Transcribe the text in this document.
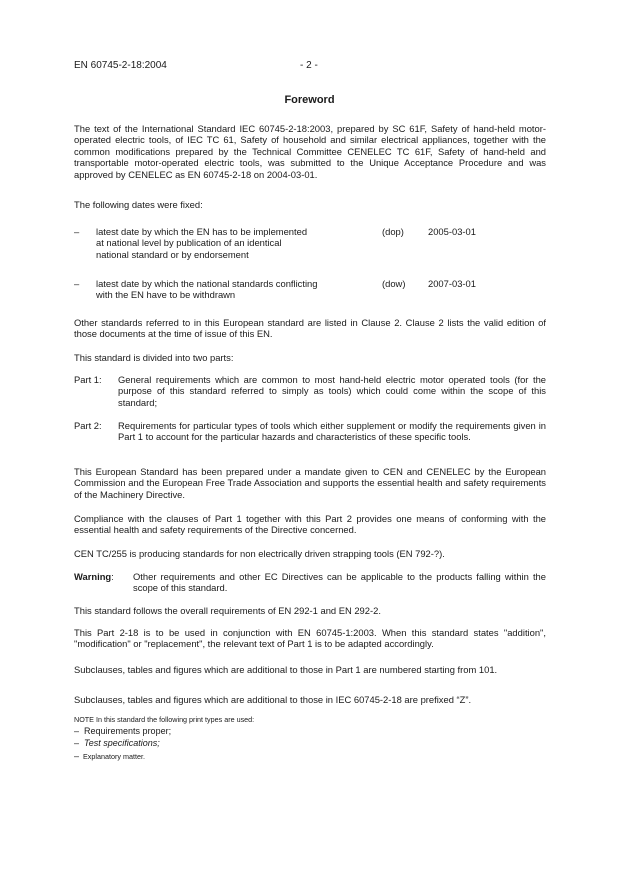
EN 60745-2-18:2004	- 2 -
Foreword
The text of the International Standard IEC 60745-2-18:2003, prepared by SC 61F, Safety of hand-held motor-operated electric tools, of IEC TC 61, Safety of household and similar electrical appliances, together with the common modifications prepared by the Technical Committee CENELEC TC 61F, Safety of hand-held and transportable motor-operated electric tools, was submitted to the Unique Acceptance Procedure and was approved by CENELEC as EN 60745-2-18 on 2004-03-01.
The following dates were fixed:
– latest date by which the EN has to be implemented
at national level by publication of an identical
national standard or by endorsement
(dop)	2005-03-01
– latest date by which the national standards conflicting
with the EN have to be withdrawn
(dow) 2007-03-01
Other standards referred to in this European standard are listed in Clause 2. Clause 2 lists the valid edition of those documents at the time of issue of this EN.
This standard is divided into two parts:
Part 1: General requirements which are common to most hand-held electric motor operated tools (for the purpose of this standard referred to simply as tools) which could come within the scope of this standard;
Part 2: Requirements for particular types of tools which either supplement or modify the requirements given in Part 1 to account for the particular hazards and characteristics of these specific tools.
This European Standard has been prepared under a mandate given to CEN and CENELEC by the European Commission and the European Free Trade Association and supports the essential health and safety requirements of the Machinery Directive.
Compliance with the clauses of Part 1 together with this Part 2 provides one means of conforming with the essential health and safety requirements of the Directive concerned.
CEN TC/255 is producing standards for non electrically driven strapping tools (EN 792-?).
Warning: Other requirements and other EC Directives can be applicable to the products falling within the scope of this standard.
This standard follows the overall requirements of EN 292-1 and EN 292-2.
This Part 2-18 is to be used in conjunction with EN 60745-1:2003. When this standard states "addition", "modification" or "replacement", the relevant text of Part 1 is to be adapted accordingly.
Subclauses, tables and figures which are additional to those in Part 1 are numbered starting from 101.
Subclauses, tables and figures which are additional to those in IEC 60745-2-18 are prefixed “Z”.
NOTE In this standard the following print types are used:
– Requirements proper;
– Test specifications;
– Explanatory matter.
